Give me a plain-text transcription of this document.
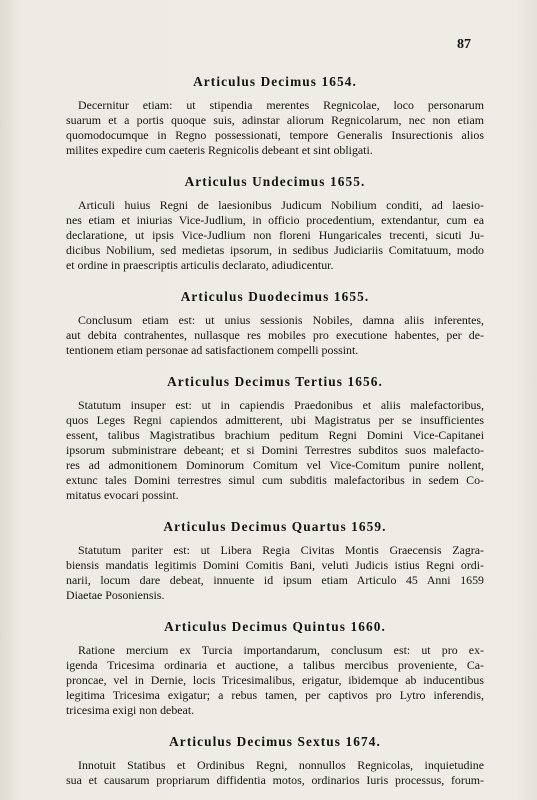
87
Articulus Decimus 1654.
Decernitur etiam: ut stipendia merentes Regnicolae, loco personarum
suarum et a portis quoque suis, adinstar aliorum Regnicolarum, nec non etiam
quomodocumque in Regno possessionati, tempore Generalis Insurectionis alios
milites expedire cum caeteris Regnicolis debeant et sint obligati.
Articulus Undecimus 1655.
Articuli huius Regni de laesionibus Judicum Nobilium conditi, ad laesio-
nes etiam et iniurias Vice-Judlium, in officio procedentium, extendantur, cum ea
declaratione, ut ipsis Vice-Judlium non floreni Hungaricales trecenti, sicuti Ju-
dicibus Nobilium, sed medietas ipsorum, in sedibus Judiciariis Comitatuum, modo
et ordine in praescriptis articulis declarato, adiudicentur.
Articulus Duodecimus 1655.
Conclusum etiam est: ut unius sessionis Nobiles, damna aliis inferentes,
aut debita contrahentes, nullasque res mobiles pro executione habentes, per de-
tentionem etiam personae ad satisfactionem compelli possint.
Articulus Decimus Tertius 1656.
Statutum insuper est: ut in capiendis Praedonibus et aliis malefactoribus,
quos Leges Regni capiendos admitterent, ubi Magistratus per se insufficientes
essent, talibus Magistratibus brachium peditum Regni Domini Vice-Capitanei
ipsorum subministrare debeant; et si Domini Terrestres subditos suos malefacto-
res ad admonitionem Dominorum Comitum vel Vice-Comitum punire nollent,
extunc tales Domini terrestres simul cum subditis malefactoribus in sedem Co-
mitatus evocari possint.
Articulus Decimus Quartus 1659.
Statutum pariter est: ut Libera Regia Civitas Montis Graecensis Zagra-
biensis mandatis legitimis Domini Comitis Bani, veluti Judicis istius Regni ordi-
narii, locum dare debeat, innuente id ipsum etiam Articulo 45 Anni 1659
Diaetae Posoniensis.
Articulus Decimus Quintus 1660.
Ratione mercium ex Turcia importandarum, conclusum est: ut pro ex-
igenda Tricesima ordinaria et auctione, a talibus mercibus proveniente, Ca-
proncae, vel in Dernie, locis Tricesimalibus, erigatur, ibidemque ab inducentibus
legitima Tricesima exigatur; a rebus tamen, per captivos pro Lytro inferendis,
tricesima exigi non debeat.
Articulus Decimus Sextus 1674.
Innotuit Statibus et Ordinibus Regni, nonnullos Regnicolas, inquietudine
sua et causarum propriarum diffidentia motos, ordinarios Iuris processus, forum-
